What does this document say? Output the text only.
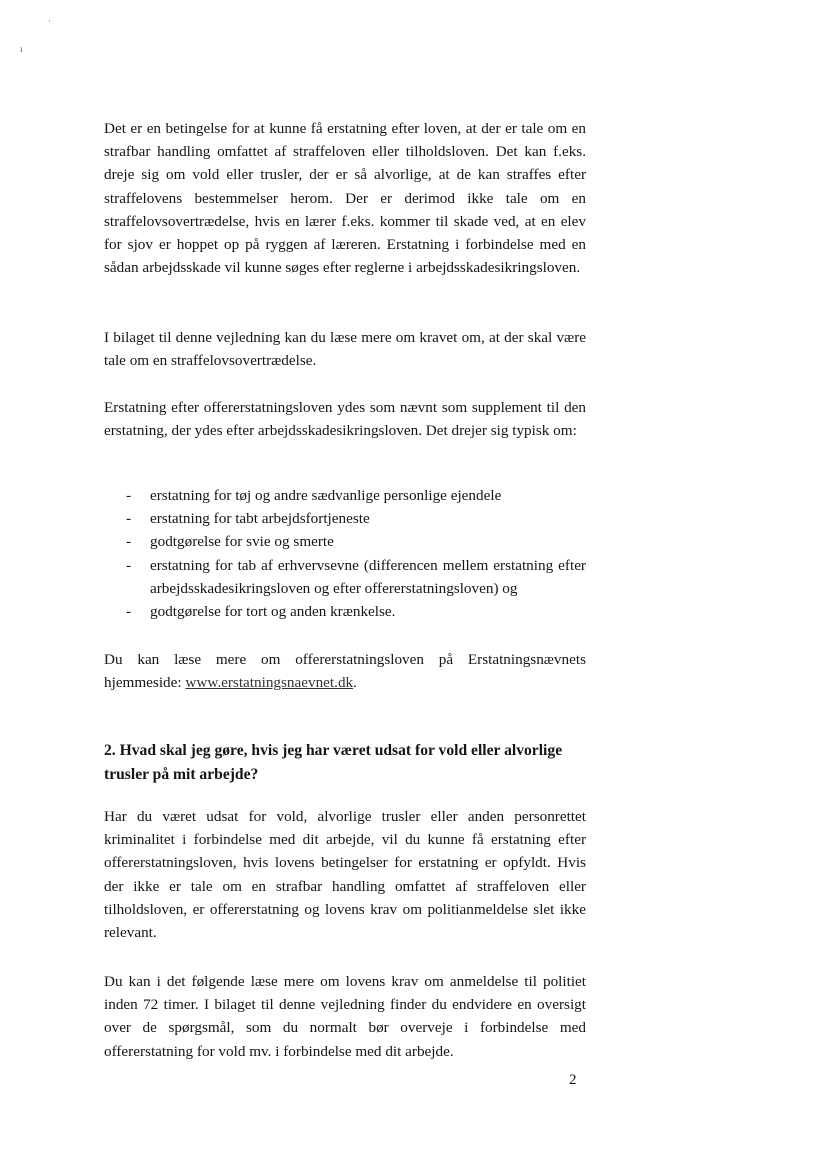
·
ı

Det er en betingelse for at kunne få erstatning efter loven, at der er tale om en strafbar handling omfattet af straffeloven eller tilholdsloven. Det kan f.eks. dreje sig om vold eller trusler, der er så alvorlige, at de kan straffes efter straffelovens bestemmelser herom. Der er derimod ikke tale om en straffelovsovertrædelse, hvis en lærer f.eks. kommer til skade ved, at en elev for sjov er hoppet op på ryggen af læreren. Erstatning i forbindelse med en sådan arbejdsskade vil kunne søges efter reglerne i arbejdsskadesikringsloven.

I bilaget til denne vejledning kan du læse mere om kravet om, at der skal være tale om en straffelovsovertrædelse.

Erstatning efter offererstatningsloven ydes som nævnt som supplement til den erstatning, der ydes efter arbejdsskadesikringsloven. Det drejer sig typisk om:

- erstatning for tøj og andre sædvanlige personlige ejendele
- erstatning for tabt arbejdsfortjeneste
- godtgørelse for svie og smerte
- erstatning for tab af erhvervsevne (differencen mellem erstatning efter arbejdsskadesikringsloven og efter offererstatningsloven) og
- godtgørelse for tort og anden krænkelse.

Du kan læse mere om offererstatningsloven på Erstatningsnævnets hjemmeside: www.erstatningsnaevnet.dk.

2. Hvad skal jeg gøre, hvis jeg har været udsat for vold eller alvorlige trusler på mit arbejde?

Har du været udsat for vold, alvorlige trusler eller anden personrettet kriminalitet i forbindelse med dit arbejde, vil du kunne få erstatning efter offererstatningsloven, hvis lovens betingelser for erstatning er opfyldt. Hvis der ikke er tale om en strafbar handling omfattet af straffeloven eller tilholdsloven, er offererstatning og lovens krav om politianmeldelse slet ikke relevant.

Du kan i det følgende læse mere om lovens krav om anmeldelse til politiet inden 72 timer. I bilaget til denne vejledning finder du endvidere en oversigt over de spørgsmål, som du normalt bør overveje i forbindelse med offererstatning for vold mv. i forbindelse med dit arbejde.

2
